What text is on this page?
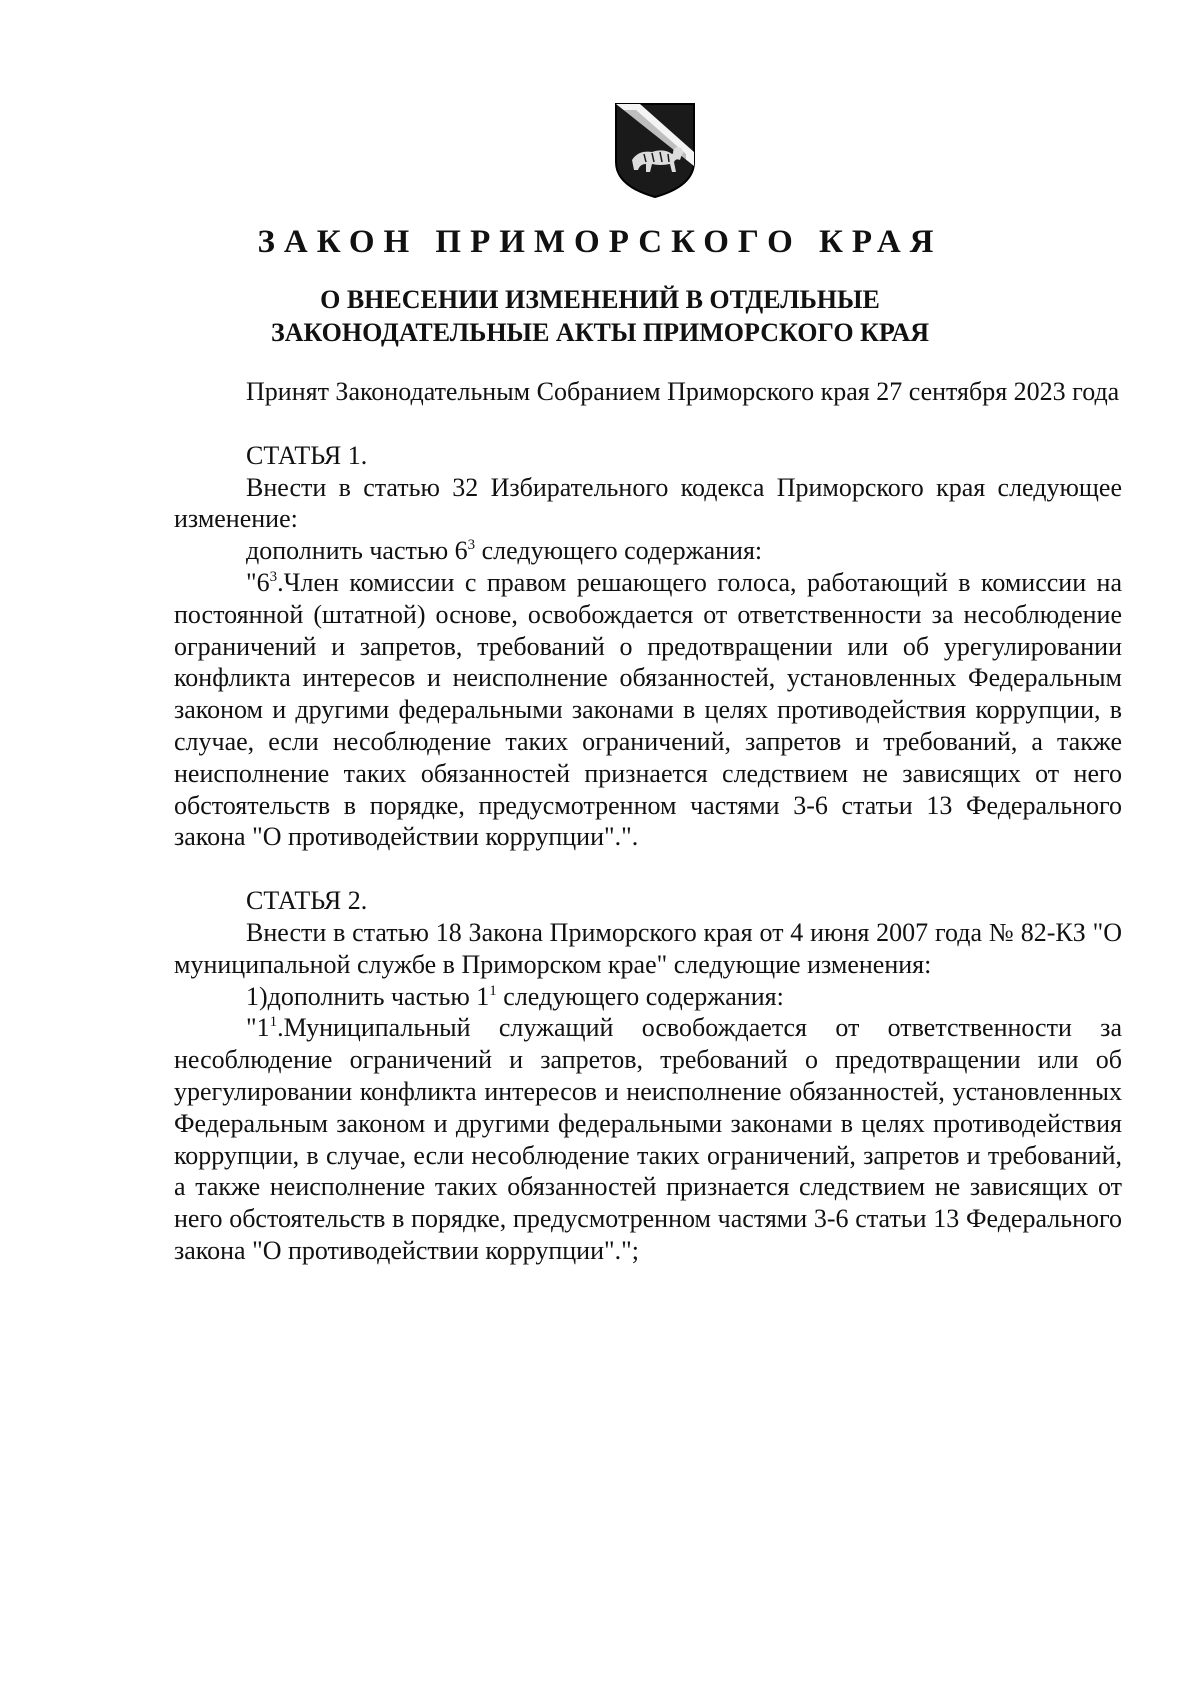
ЗАКОН ПРИМОРСКОГО КРАЯ
О ВНЕСЕНИИ ИЗМЕНЕНИЙ В ОТДЕЛЬНЫЕ
ЗАКОНОДАТЕЛЬНЫЕ АКТЫ ПРИМОРСКОГО КРАЯ

Принят Законодательным Собранием Приморского края 27 сентября 2023 года

СТАТЬЯ 1.

Внести в статью 32 Избирательного кодекса Приморского края следующее изменение:

дополнить частью $6^3$ следующего содержания:

"$6^3.Член$ комиссии с правом решающего голоса, работающий в комиссии на постоянной (штатной) основе, освобождается от ответственности за несоблюдение ограничений и запретов, требований о предотвращении или об урегулировании конфликта интересов и неисполнение обязанностей, установленных Федеральным законом и другими федеральными законами в целях противодействия коррупции, в случае, если несоблюдение таких ограничений, запретов и требований, а также неисполнение таких обязанностей признается следствием не зависящих от него обстоятельств в порядке, предусмотренном частями 3-6 статьи 13 Федерального закона "О противодействии коррупции".".

СТАТЬЯ 2.

Внести в статью 18 Закона Приморского края от 4 июня 2007 года № 82-КЗ "О муниципальной службе в Приморском крае" следующие изменения:

1)дополнить частью $1^1$ следующего содержания:

"$1^1.Муниципальный$ служащий освобождается от ответственности за несоблюдение ограничений и запретов, требований о предотвращении или об урегулировании конфликта интересов и неисполнение обязанностей, установленных Федеральным законом и другими федеральными законами в целях противодействия коррупции, в случае, если несоблюдение таких ограничений, запретов и требований, а также неисполнение таких обязанностей признается следствием не зависящих от него обстоятельств в порядке, предусмотренном частями 3-6 статьи 13 Федерального закона "О противодействии коррупции".";
